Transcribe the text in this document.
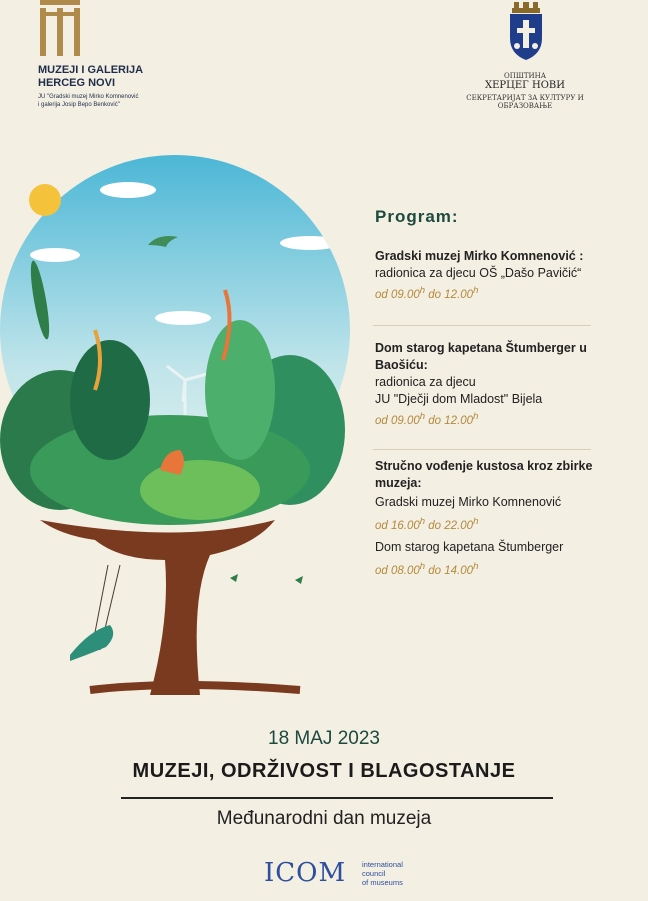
MUZEJI I GALERIJA
HERCEG NOVI
JU "Gradski muzej Mirko Komnenović
i galerija Josip Bepo Benković"
ОПШТИНА
ХЕРЦЕГ НОВИ
СЕКРЕТАРИЈАТ ЗА КУЛТУРУ И ОБРАЗОВАЊЕ
Program:
Gradski muzej Mirko Komnenović :
radionica za djecu OŠ „Dašo Pavičić“
od 09.00$^h$ do 12.00$^h$
Dom starog kapetana Štumberger u
Baošiću:
radionica za djecu
JU "Dječji dom Mladost" Bijela
od 09.00$^h$ do 12.00$^h$
Stručno vođenje kustosa kroz zbirke
muzeja:
Gradski muzej Mirko Komnenović
od 16.00$^h$ do 22.00$^h$
Dom starog kapetana Štumberger
od 08.00$^h$ do 14.00$^h$
18 MAJ 2023
MUZEJI, ODRŽIVOST I BLAGOSTANJE
Međunarodni dan muzeja
ICOM international
council
of museums
